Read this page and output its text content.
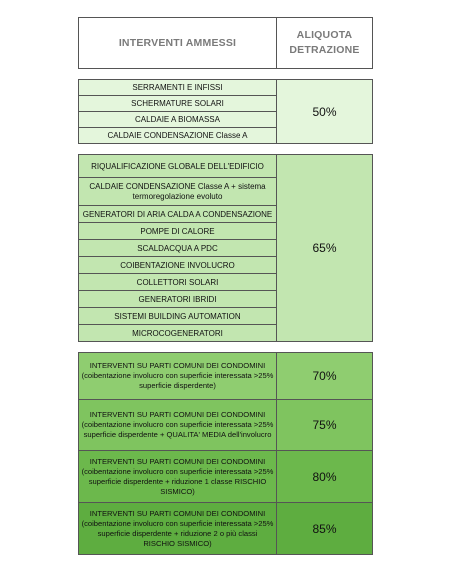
INTERVENTI AMMESSI	ALIQUOTA
DETRAZIONE
SERRAMENTI E INFISSI	50%
SCHERMATURE SOLARI
CALDAIE A BIOMASSA
CALDAIE CONDENSAZIONE Classe A
RIQUALIFICAZIONE GLOBALE DELL'EDIFICIO	65%
CALDAIE CONDENSAZIONE Classe A + sistema termoregolazione evoluto
GENERATORI DI ARIA CALDA A CONDENSAZIONE
POMPE DI CALORE
SCALDACQUA A PDC
COIBENTAZIONE INVOLUCRO
COLLETTORI SOLARI
GENERATORI IBRIDI
SISTEMI BUILDING AUTOMATION
MICROCOGENERATORI
INTERVENTI SU PARTI COMUNI DEI CONDOMINI (coibentazione involucro con superficie interessata >25% superficie disperdente)	70%
INTERVENTI SU PARTI COMUNI DEI CONDOMINI (coibentazione involucro con superficie interessata >25% superficie disperdente + QUALITA' MEDIA dell'involucro	75%
INTERVENTI SU PARTI COMUNI DEI CONDOMINI (coibentazione involucro con superficie interessata >25% superficie disperdente + riduzione 1 classe RISCHIO SISMICO)	80%
INTERVENTI SU PARTI COMUNI DEI CONDOMINI (coibentazione involucro con superficie interessata >25% superficie disperdente + riduzione 2 o più classi RISCHIO SISMICO)	85%
